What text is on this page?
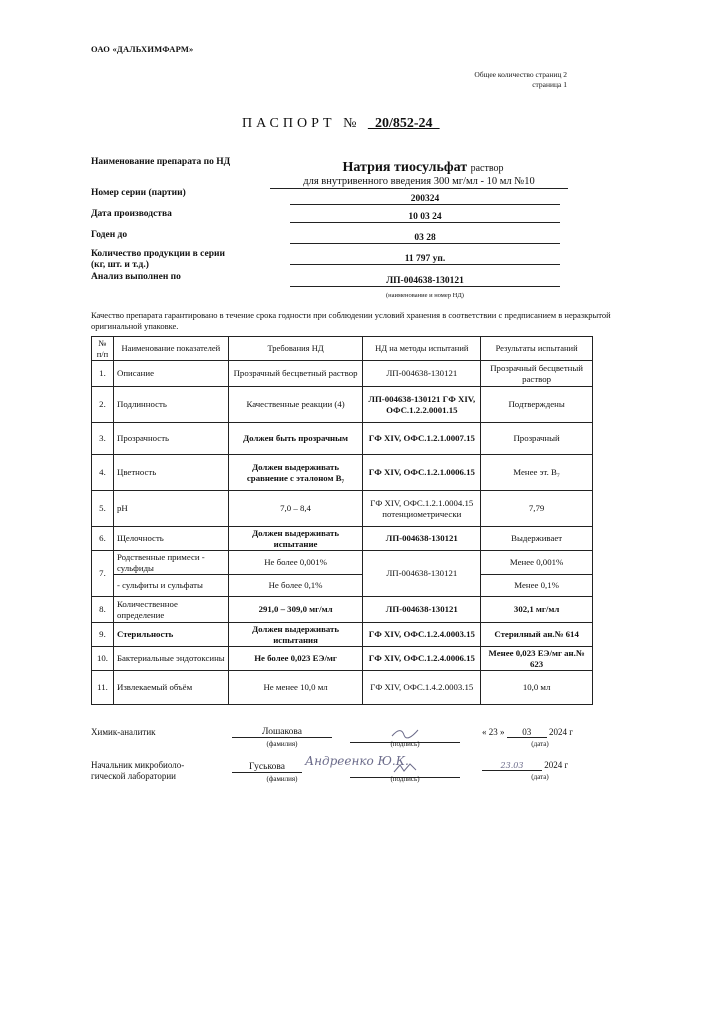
ОАО «ДАЛЬХИМФАРМ»
Общее количество страниц 2
страница 1
ПАСПОРТ № _20/852-24_
Наименование препарата по НД	Натрия тиосульфат раствор
для внутривенного введения 300 мг/мл - 10 мл №10
Номер серии (партии)
200324
Дата производства	10 03 24
Годен до	03 28
Количество продукции в серии
(кг, шт. и т.д.)
11 797 уп.
Анализ выполнен по	ЛП-004638-130121
(наименование и номер НД)
Качество препарата гарантировано в течение срока годности при соблюдении условий хранения в соответствии с предписанием в неразкрытой оригинальной упаковке.
№ п/п	Наименование показателей	Требования НД	НД на методы испытаний	Результаты испытаний
1.	Описание	Прозрачный бесцветный раствор	ЛП-004638-130121	Прозрачный бесцветный раствор
2.	Подлинность	Качественные реакции (4)	ЛП-004638-130121 ГФ XIV, ОФС.1.2.2.0001.15	Подтверждены
3.	Прозрачность	Должен быть прозрачным	ГФ XIV, ОФС.1.2.1.0007.15	Прозрачный
4.	Цветность	Должен выдерживать сравнение с эталоном B₇	ГФ XIV, ОФС.1.2.1.0006.15	Менее эт. B₇
5.	pH	7,0 – 8,4	ГФ XIV, ОФС.1.2.1.0004.15 потенциометрически	7,79
6.	Щелочность	Должен выдерживать испытание	ЛП-004638-130121	Выдерживает
7.	Родственные примеси - сульфиды	Не более 0,001%	ЛП-004638-130121	Менее 0,001%
	- сульфиты и сульфаты	Не более 0,1%		Менее 0,1%
8.	Количественное определение	291,0 – 309,0 мг/мл	ЛП-004638-130121	302,1 мг/мл
9.	Стерильность	Должен выдерживать испытания	ГФ XIV, ОФС.1.2.4.0003.15	Стерилный ан.№ 614
10.	Бактериальные эндотоксины	Не более 0,023 ЕЭ/мг	ГФ XIV, ОФС.1.2.4.0006.15	Менее 0,023 ЕЭ/мг ан.№ 623
11.	Извлекаемый объём	Не менее 10,0 мл	ГФ XIV, ОФС.1.4.2.0003.15	10,0 мл
Химик-аналитик	Лошакова
(фамилия)	(подпись)
« 23 » 03 2024 г
(дата)
Начальник микробиоло-
гической лаборатории
Гуськова	Андреенко Ю.К.
(фамилия)	(подпись)
23.03 2024 г
(дата)
